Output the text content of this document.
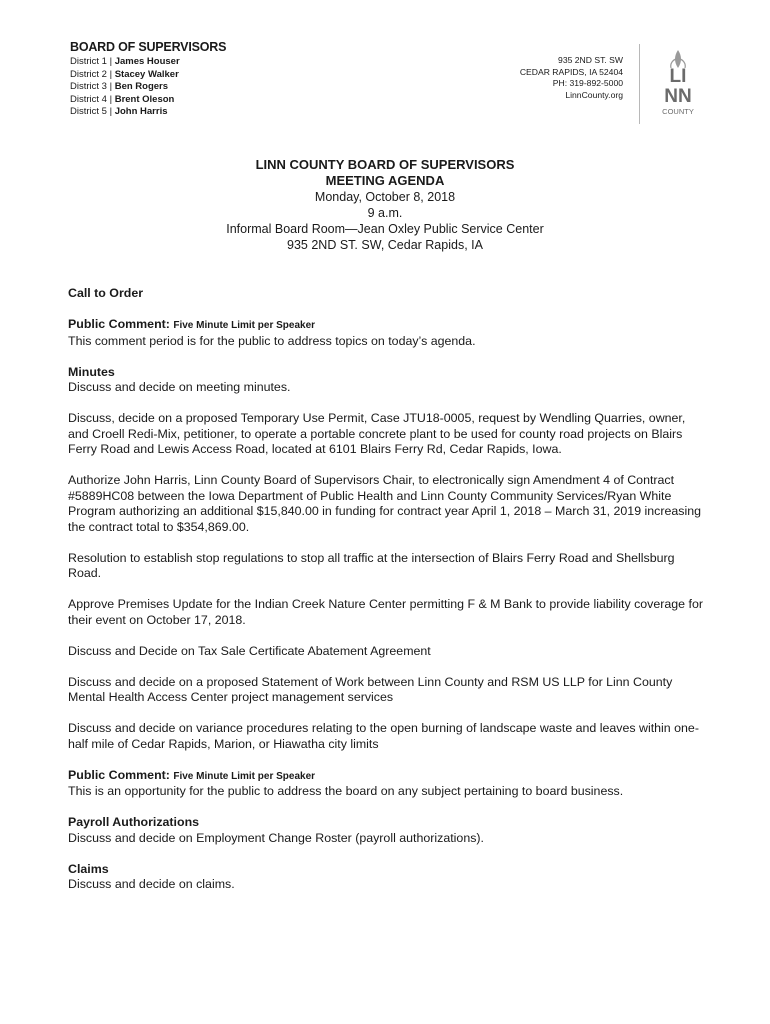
BOARD OF SUPERVISORS
District 1 | James Houser
District 2 | Stacey Walker
District 3 | Ben Rogers
District 4 | Brent Oleson
District 5 | John Harris
935 2ND ST. SW
CEDAR RAPIDS, IA 52404
PH: 319-892-5000
LinnCounty.org
LI
NN
COUNTY
LINN COUNTY BOARD OF SUPERVISORS
MEETING AGENDA
Monday, October 8, 2018
9 a.m.
Informal Board Room—Jean Oxley Public Service Center
935 2ND ST. SW, Cedar Rapids, IA
Call to Order
Public Comment: Five Minute Limit per Speaker
This comment period is for the public to address topics on today’s agenda.
Minutes
Discuss and decide on meeting minutes.
Discuss, decide on a proposed Temporary Use Permit, Case JTU18-0005, request by Wendling Quarries, owner, and Croell Redi-Mix, petitioner, to operate a portable concrete plant to be used for county road projects on Blairs Ferry Road and Lewis Access Road, located at 6101 Blairs Ferry Rd, Cedar Rapids, Iowa.
Authorize John Harris, Linn County Board of Supervisors Chair, to electronically sign Amendment 4 of Contract #5889HC08 between the Iowa Department of Public Health and Linn County Community Services/Ryan White Program authorizing an additional $15,840.00 in funding for contract year April 1, 2018 – March 31, 2019 increasing the contract total to $354,869.00.
Resolution to establish stop regulations to stop all traffic at the intersection of Blairs Ferry Road and Shellsburg Road.
Approve Premises Update for the Indian Creek Nature Center permitting F & M Bank to provide liability coverage for their event on October 17, 2018.
Discuss and Decide on Tax Sale Certificate Abatement Agreement
Discuss and decide on a proposed Statement of Work between Linn County and RSM US LLP for Linn County Mental Health Access Center project management services
Discuss and decide on variance procedures relating to the open burning of landscape waste and leaves within one-half mile of Cedar Rapids, Marion, or Hiawatha city limits
Public Comment: Five Minute Limit per Speaker
This is an opportunity for the public to address the board on any subject pertaining to board business.
Payroll Authorizations
Discuss and decide on Employment Change Roster (payroll authorizations).
Claims
Discuss and decide on claims.
